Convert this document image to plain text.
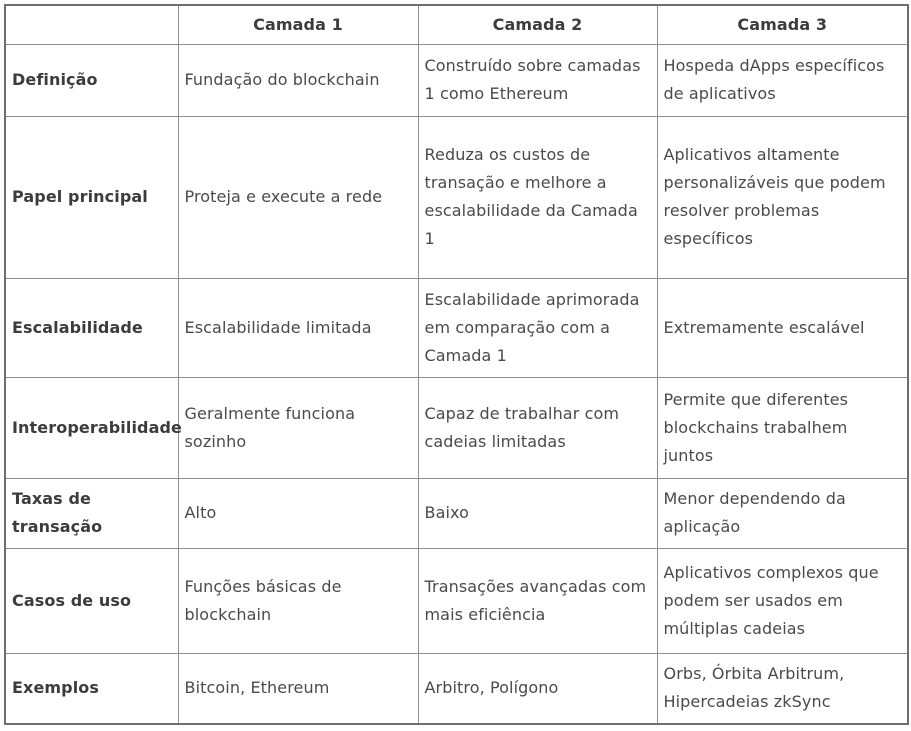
	Camada 1	Camada 2	Camada 3
Definição	Fundação do blockchain	Construído sobre camadas 1 como Ethereum	Hospeda dApps específicos de aplicativos
Papel principal	Proteja e execute a rede	Reduza os custos de transação e melhore a escalabilidade da Camada 1	Aplicativos altamente personalizáveis que podem resolver problemas específicos
Escalabilidade	Escalabilidade limitada	Escalabilidade aprimorada em comparação com a Camada 1	Extremamente escalável
Interoperabilidade	Geralmente funciona sozinho	Capaz de trabalhar com cadeias limitadas	Permite que diferentes blockchains trabalhem juntos
Taxas de transação	Alto	Baixo	Menor dependendo da aplicação
Casos de uso	Funções básicas de blockchain	Transações avançadas com mais eficiência	Aplicativos complexos que podem ser usados em múltiplas cadeias
Exemplos	Bitcoin, Ethereum	Arbitro, Polígono	Orbs, Órbita Arbitrum, Hipercadeias zkSync
